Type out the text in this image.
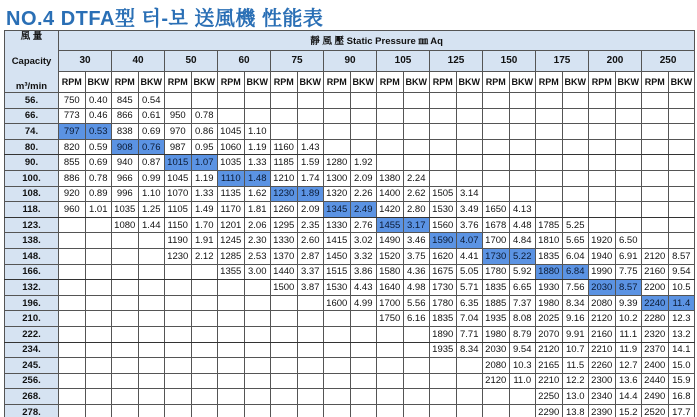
NO.4 DTFA型 터-보 送風機 性能表
風 量
Capacity
m³/min	靜 風 壓 Static Pressure ㎜ Aq																							
	30		40		50		60		75		90		105		125		150		175		200		250	
	RPM	BKW	RPM	BKW	RPM	BKW	RPM	BKW	RPM	BKW	RPM	BKW	RPM	BKW	RPM	BKW	RPM	BKW	RPM	BKW	RPM	BKW	RPM	BKW
56.	750	0.40	845	0.54																				
66.	773	0.46	866	0.61	950	0.78																		
74.	797	0.53	838	0.69	970	0.86	1045	1.10																
80.	820	0.59	908	0.76	987	0.95	1060	1.19	1160	1.43														
90.	855	0.69	940	0.87	1015	1.07	1035	1.33	1185	1.59	1280	1.92												
100.	886	0.78	966	0.99	1045	1.19	1110	1.48	1210	1.74	1300	2.09	1380	2.24										
108.	920	0.89	996	1.10	1070	1.33	1135	1.62	1230	1.89	1320	2.26	1400	2.62	1505	3.14								
118.	960	1.01	1035	1.25	1105	1.49	1170	1.81	1260	2.09	1345	2.49	1420	2.80	1530	3.49	1650	4.13						
123.			1080	1.44	1150	1.70	1201	2.06	1295	2.35	1330	2.76	1455	3.17	1560	3.76	1678	4.48	1785	5.25				
138.					1190	1.91	1245	2.30	1330	2.60	1415	3.02	1490	3.46	1590	4.07	1700	4.84	1810	5.65	1920	6.50		
148.					1230	2.12	1285	2.53	1370	2.87	1450	3.32	1520	3.75	1620	4.41	1730	5.22	1835	6.04	1940	6.91	2120	8.57
166.							1355	3.00	1440	3.37	1515	3.86	1580	4.36	1675	5.05	1780	5.92	1880	6.84	1990	7.75	2160	9.54
132.									1500	3.87	1530	4.43	1640	4.98	1730	5.71	1835	6.65	1930	7.56	2030	8.57	2200	10.5
196.											1600	4.99	1700	5.56	1780	6.35	1885	7.37	1980	8.34	2080	9.39	2240	11.4
210.													1750	6.16	1835	7.04	1935	8.08	2025	9.16	2120	10.2	2280	12.3
222.															1890	7.71	1980	8.79	2070	9.91	2160	11.1	2320	13.2
234.															1935	8.34	2030	9.54	2120	10.7	2210	11.9	2370	14.1
245.																	2080	10.3	2165	11.5	2260	12.7	2400	15.0
256.																	2120	11.0	2210	12.2	2300	13.6	2440	15.9
268.																			2250	13.0	2340	14.4	2490	16.8
278.																			2290	13.8	2390	15.2	2520	17.7
